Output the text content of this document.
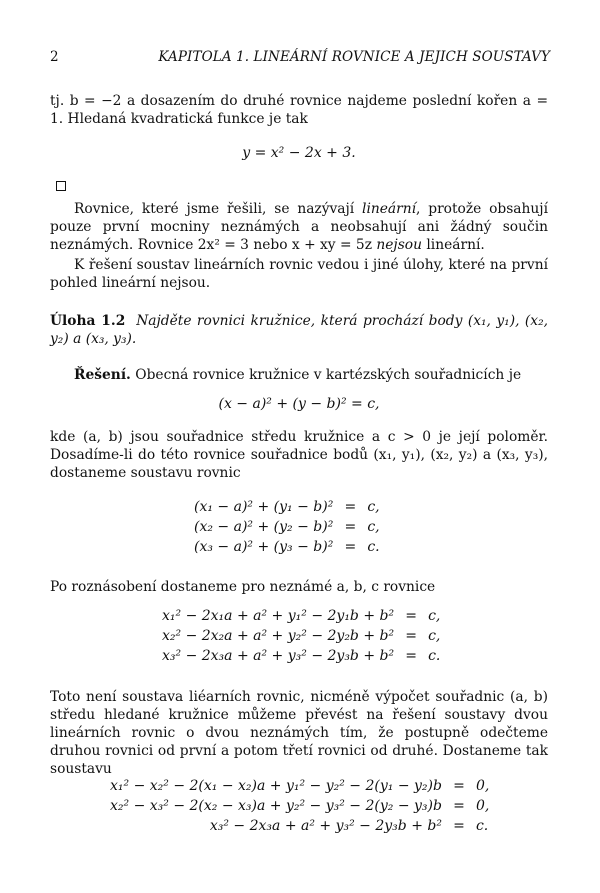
2	KAPITOLA 1. LINEÁRNÍ ROVNICE A JEJICH SOUSTAVY

tj. b = −2 a dosazením do druhé rovnice najdeme poslední kořen a = 1. Hledaná kvadratická funkce je tak

y = x² − 2x + 3.

Rovnice, které jsme řešili, se nazývají lineární, protože obsahují pouze první mocniny neznámých a neobsahují ani žádný součin neznámých. Rovnice 2x² = 3 nebo x + xy = 5z nejsou lineární.

K řešení soustav lineárních rovnic vedou i jiné úlohy, které na první pohled lineární nejsou.

Úloha 1.2 Najděte rovnici kružnice, která prochází body (x₁, y₁), (x₂, y₂) a (x₃, y₃).

Řešení. Obecná rovnice kružnice v kartézských souřadnicích je

(x − a)² + (y − b)² = c,

kde (a, b) jsou souřadnice středu kružnice a c > 0 je její poloměr. Dosadíme-li do této rovnice souřadnice bodů (x₁, y₁), (x₂, y₂) a (x₃, y₃), dostaneme soustavu rovnic

(x₁ − a)² + (y₁ − b)²	=	c,
(x₂ − a)² + (y₂ − b)²	=	c,
(x₃ − a)² + (y₃ − b)²	=	c.

Po roznásobení dostaneme pro neznámé a, b, c rovnice

x₁² − 2x₁a + a² + y₁² − 2y₁b + b²	=	c,
x₂² − 2x₂a + a² + y₂² − 2y₂b + b²	=	c,
x₃² − 2x₃a + a² + y₃² − 2y₃b + b²	=	c.

Toto není soustava liéarních rovnic, nicméně výpočet souřadnic (a, b) středu hledané kružnice můžeme převést na řešení soustavy dvou lineárních rovnic o dvou neznámých tím, že postupně odečteme druhou rovnici od první a potom třetí rovnici od druhé. Dostaneme tak soustavu

x₁² − x₂² − 2(x₁ − x₂)a + y₁² − y₂² − 2(y₁ − y₂)b	=	0,
x₂² − x₃² − 2(x₂ − x₃)a + y₂² − y₃² − 2(y₂ − y₃)b	=	0,
x₃² − 2x₃a + a² + y₃² − 2y₃b + b²	=	c.
